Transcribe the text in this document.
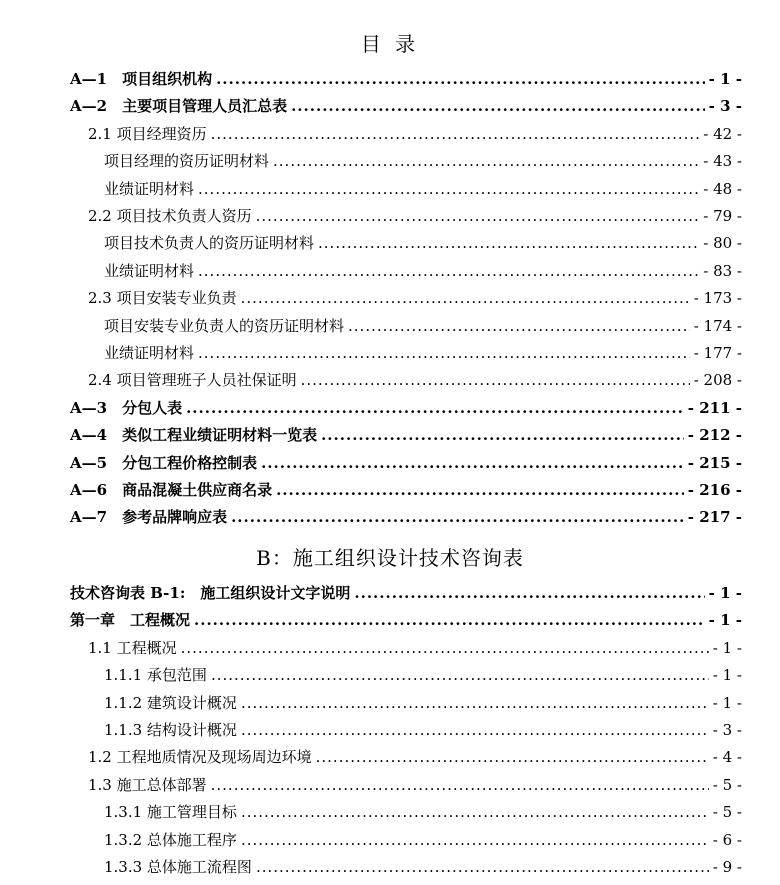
目 录
A—1　项目组织机构 .....	- 1 -
A—2　主要项目管理人员汇总表 .....	- 3 -
2.1 项目经理资历 .....	- 42 -
项目经理的资历证明材料 .....	- 43 -
业绩证明材料 .....	- 48 -
2.2 项目技术负责人资历 .....	- 79 -
项目技术负责人的资历证明材料 .....	- 80 -
业绩证明材料 .....	- 83 -
2.3 项目安装专业负责 .....	- 173 -
项目安装专业负责人的资历证明材料 .....	- 174 -
业绩证明材料 .....	- 177 -
2.4 项目管理班子人员社保证明 .....	- 208 -
A—3　分包人表 .....	- 211 -
A—4　类似工程业绩证明材料一览表 .....	- 212 -
A—5　分包工程价格控制表 .....	- 215 -
A—6　商品混凝土供应商名录 .....	- 216 -
A—7　参考品牌响应表 .....	- 217 -
B：施工组织设计技术咨询表
技术咨询表 B-1:　施工组织设计文字说明 .....	- 1 -
第一章　工程概况 .....	- 1 -
1.1 工程概况 .....	- 1 -
1.1.1 承包范围 .....	- 1 -
1.1.2 建筑设计概况 .....	- 1 -
1.1.3 结构设计概况 .....	- 3 -
1.2 工程地质情况及现场周边环境 .....	- 4 -
1.3 施工总体部署 .....	- 5 -
1.3.1 施工管理目标 .....	- 5 -
1.3.2 总体施工程序 .....	- 6 -
1.3.3 总体施工流程图 .....	- 9 -
